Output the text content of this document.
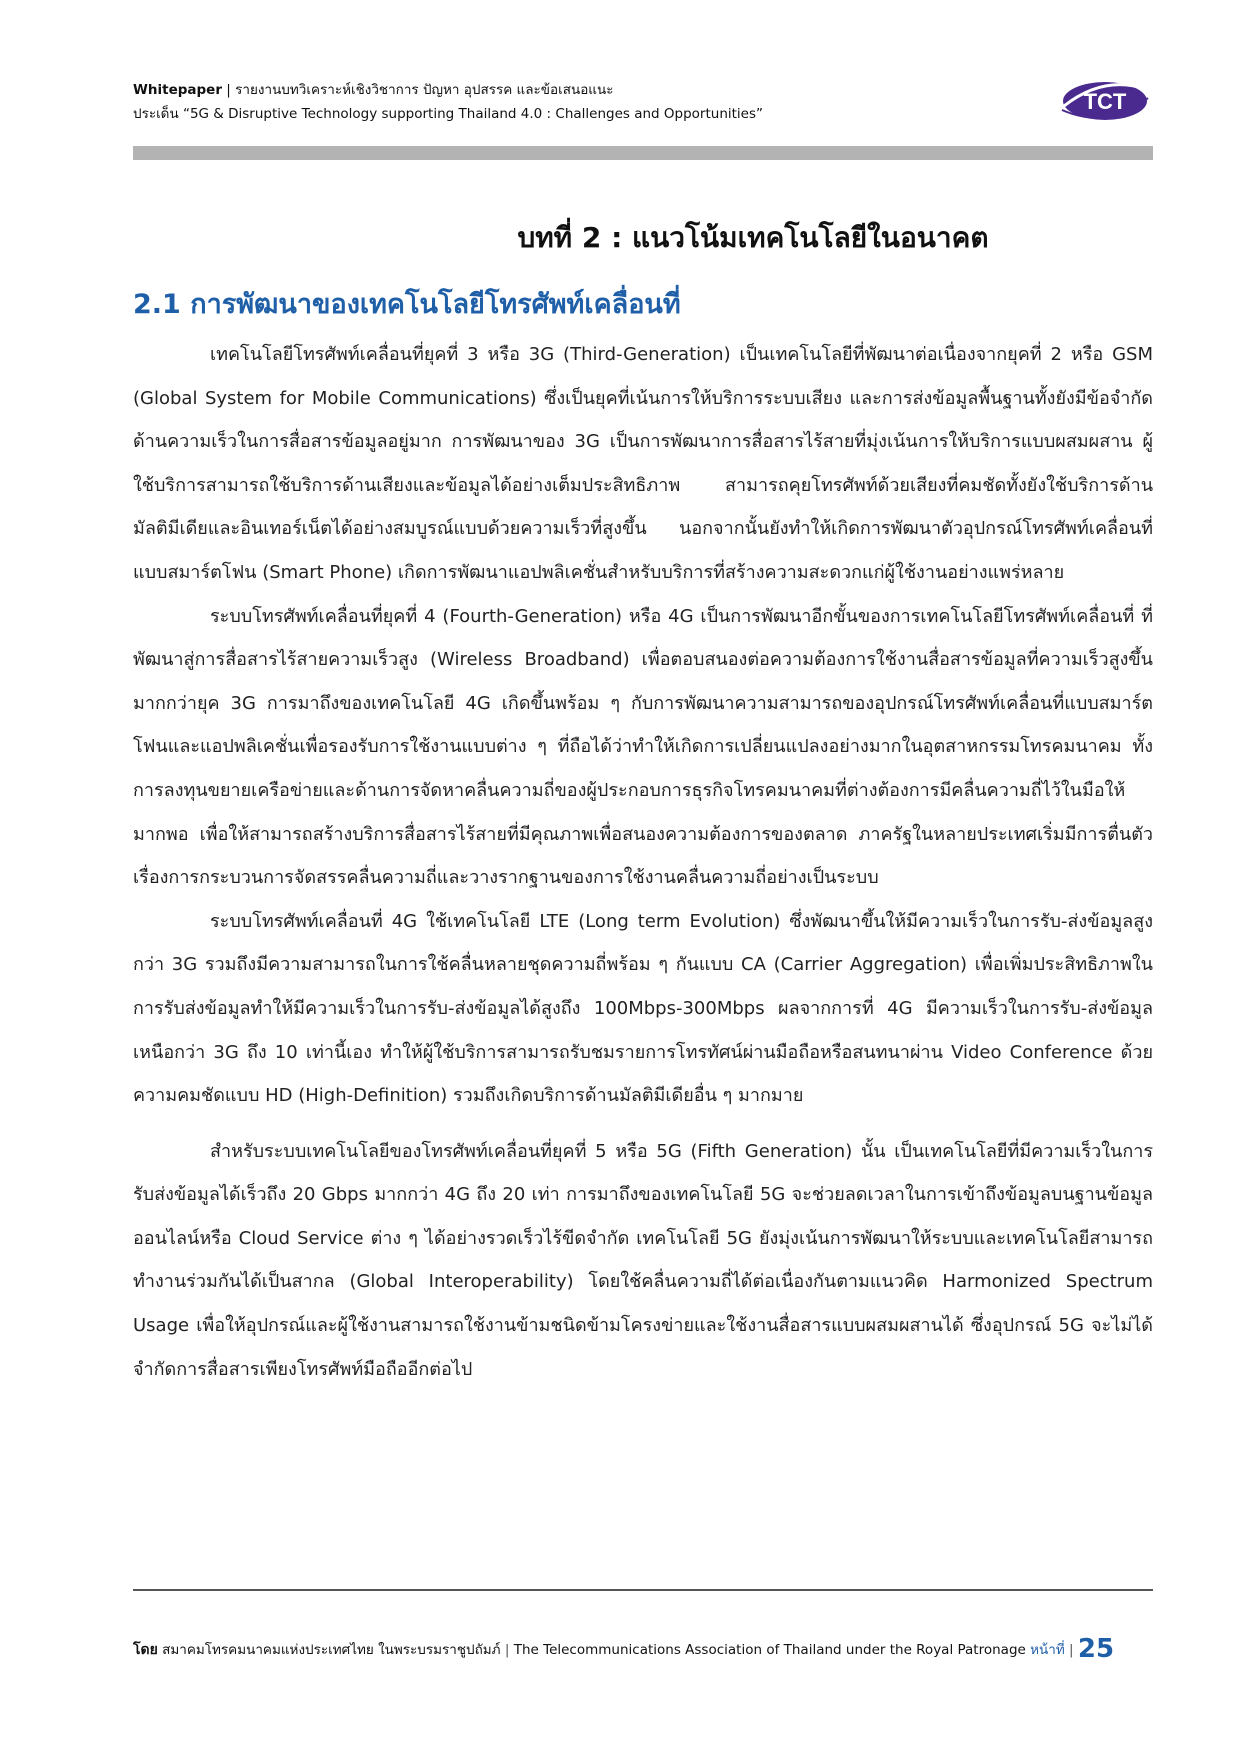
Whitepaper | รายงานบทวิเคราะห์เชิงวิชาการ ปัญหา อุปสรรค และข้อเสนอแนะ
ประเด็น “5G & Disruptive Technology supporting Thailand 4.0 : Challenges and Opportunities”	TCT
บทที่ 2 : แนวโน้มเทคโนโลยีในอนาคต
2.1 การพัฒนาของเทคโนโลยีโทรศัพท์เคลื่อนที่

เทคโนโลยีโทรศัพท์เคลื่อนที่ยุคที่ 3 หรือ 3G (Third-Generation) เป็นเทคโนโลยีที่พัฒนาต่อเนื่องจากยุคที่ 2 หรือ GSM (Global System for Mobile Communications) ซึ่งเป็นยุคที่เน้นการให้บริการระบบเสียง และการส่งข้อมูลพื้นฐานทั้งยังมีข้อจำกัดด้านความเร็วในการสื่อสารข้อมูลอยู่มาก การพัฒนาของ 3G เป็นการพัฒนาการสื่อสารไร้สายที่มุ่งเน้นการให้บริการแบบผสมผสาน ผู้ใช้บริการสามารถใช้บริการด้านเสียงและข้อมูลได้อย่างเต็มประสิทธิภาพ สามารถคุยโทรศัพท์ด้วยเสียงที่คมชัดทั้งยังใช้บริการด้านมัลติมีเดียและอินเทอร์เน็ตได้อย่างสมบูรณ์แบบด้วยความเร็วที่สูงขึ้น นอกจากนั้นยังทำให้เกิดการพัฒนาตัวอุปกรณ์โทรศัพท์เคลื่อนที่แบบสมาร์ตโฟน (Smart Phone) เกิดการพัฒนาแอปพลิเคชั่นสำหรับบริการที่สร้างความสะดวกแก่ผู้ใช้งานอย่างแพร่หลาย

ระบบโทรศัพท์เคลื่อนที่ยุคที่ 4 (Fourth-Generation) หรือ 4G เป็นการพัฒนาอีกขั้นของการเทคโนโลยีโทรศัพท์เคลื่อนที่ ที่พัฒนาสู่การสื่อสารไร้สายความเร็วสูง (Wireless Broadband) เพื่อตอบสนองต่อความต้องการใช้งานสื่อสารข้อมูลที่ความเร็วสูงขึ้นมากกว่ายุค 3G การมาถึงของเทคโนโลยี 4G เกิดขึ้นพร้อม ๆ กับการพัฒนาความสามารถของอุปกรณ์โทรศัพท์เคลื่อนที่แบบสมาร์ตโฟนและแอปพลิเคชั่นเพื่อรองรับการใช้งานแบบต่าง ๆ ที่ถือได้ว่าทำให้เกิดการเปลี่ยนแปลงอย่างมากในอุตสาหกรรมโทรคมนาคม ทั้งการลงทุนขยายเครือข่ายและด้านการจัดหาคลื่นความถี่ของผู้ประกอบการธุรกิจโทรคมนาคมที่ต่างต้องการมีคลื่นความถี่ไว้ในมือให้มากพอ เพื่อให้สามารถสร้างบริการสื่อสารไร้สายที่มีคุณภาพเพื่อสนองความต้องการของตลาด ภาครัฐในหลายประเทศเริ่มมีการตื่นตัวเรื่องการกระบวนการจัดสรรคลื่นความถี่และวางรากฐานของการใช้งานคลื่นความถี่อย่างเป็นระบบ

ระบบโทรศัพท์เคลื่อนที่ 4G ใช้เทคโนโลยี LTE (Long term Evolution) ซึ่งพัฒนาขึ้นให้มีความเร็วในการรับ-ส่งข้อมูลสูงกว่า 3G รวมถึงมีความสามารถในการใช้คลื่นหลายชุดความถี่พร้อม ๆ กันแบบ CA (Carrier Aggregation) เพื่อเพิ่มประสิทธิภาพในการรับส่งข้อมูลทำให้มีความเร็วในการรับ-ส่งข้อมูลได้สูงถึง 100Mbps-300Mbps ผลจากการที่ 4G มีความเร็วในการรับ-ส่งข้อมูลเหนือกว่า 3G ถึง 10 เท่านี้เอง ทำให้ผู้ใช้บริการสามารถรับชมรายการโทรทัศน์ผ่านมือถือหรือสนทนาผ่าน Video Conference ด้วยความคมชัดแบบ HD (High-Definition) รวมถึงเกิดบริการด้านมัลติมีเดียอื่น ๆ มากมาย

สำหรับระบบเทคโนโลยีของโทรศัพท์เคลื่อนที่ยุคที่ 5 หรือ 5G (Fifth Generation) นั้น เป็นเทคโนโลยีที่มีความเร็วในการรับส่งข้อมูลได้เร็วถึง 20 Gbps มากกว่า 4G ถึง 20 เท่า การมาถึงของเทคโนโลยี 5G จะช่วยลดเวลาในการเข้าถึงข้อมูลบนฐานข้อมูลออนไลน์หรือ Cloud Service ต่าง ๆ ได้อย่างรวดเร็วไร้ขีดจำกัด เทคโนโลยี 5G ยังมุ่งเน้นการพัฒนาให้ระบบและเทคโนโลยีสามารถทำงานร่วมกันได้เป็นสากล (Global Interoperability) โดยใช้คลื่นความถี่ได้ต่อเนื่องกันตามแนวคิด Harmonized Spectrum Usage เพื่อให้อุปกรณ์และผู้ใช้งานสามารถใช้งานข้ามชนิดข้ามโครงข่ายและใช้งานสื่อสารแบบผสมผสานได้ ซึ่งอุปกรณ์ 5G จะไม่ได้จำกัดการสื่อสารเพียงโทรศัพท์มือถืออีกต่อไป

โดย สมาคมโทรคมนาคมแห่งประเทศไทย ในพระบรมราชูปถัมภ์ | The Telecommunications Association of Thailand under the Royal Patronage หน้าที่ | 25
